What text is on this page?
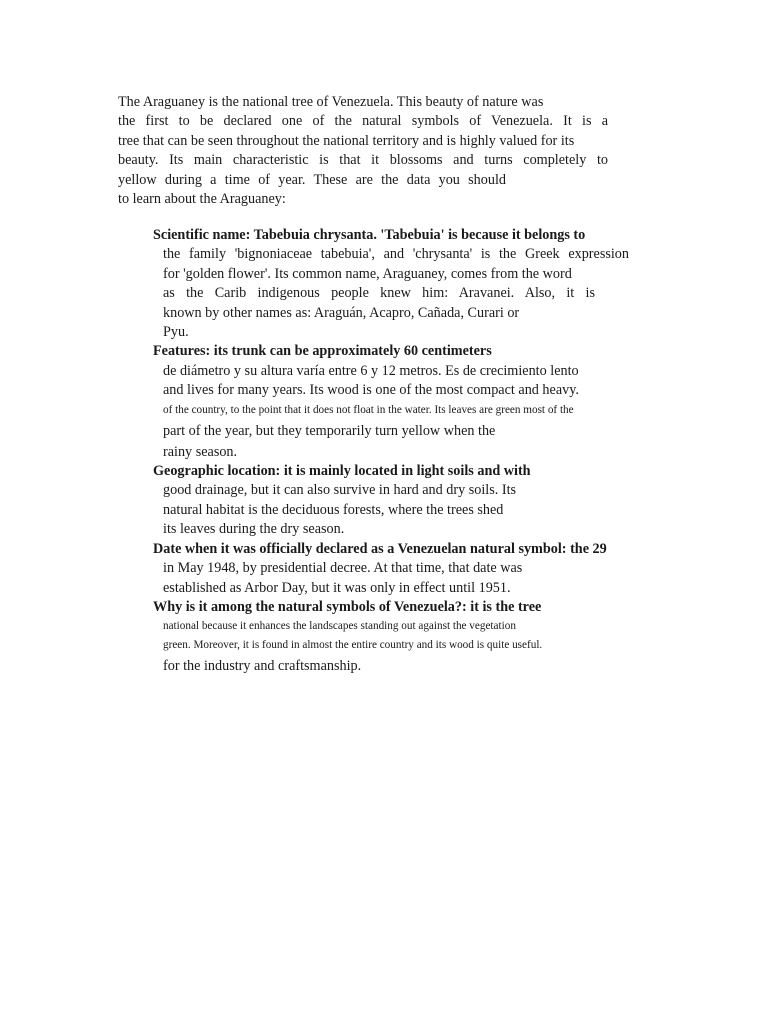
The Araguaney is the national tree of Venezuela. This beauty of nature was
the first to be declared one of the natural symbols of Venezuela. It is a
tree that can be seen throughout the national territory and is highly valued for its
beauty. Its main characteristic is that it blossoms and turns completely to
yellow during a time of year. These are the data you should
to learn about the Araguaney:
Scientific name: Tabebuia chrysanta. 'Tabebuia' is because it belongs to
the family 'bignoniaceae tabebuia', and 'chrysanta' is the Greek expression
for 'golden flower'. Its common name, Araguaney, comes from the word
as the Carib indigenous people knew him: Aravanei. Also, it is
known by other names as: Araguán, Acapro, Cañada, Curari or
Pyu.
Features: its trunk can be approximately 60 centimeters
de diámetro y su altura varía entre 6 y 12 metros. Es de crecimiento lento
and lives for many years. Its wood is one of the most compact and heavy.
of the country, to the point that it does not float in the water. Its leaves are green most of the
part of the year, but they temporarily turn yellow when the
rainy season.
Geographic location: it is mainly located in light soils and with
good drainage, but it can also survive in hard and dry soils. Its
natural habitat is the deciduous forests, where the trees shed
its leaves during the dry season.
Date when it was officially declared as a Venezuelan natural symbol: the 29
in May 1948, by presidential decree. At that time, that date was
established as Arbor Day, but it was only in effect until 1951.
Why is it among the natural symbols of Venezuela?: it is the tree
national because it enhances the landscapes standing out against the vegetation
green. Moreover, it is found in almost the entire country and its wood is quite useful.
for the industry and craftsmanship.
